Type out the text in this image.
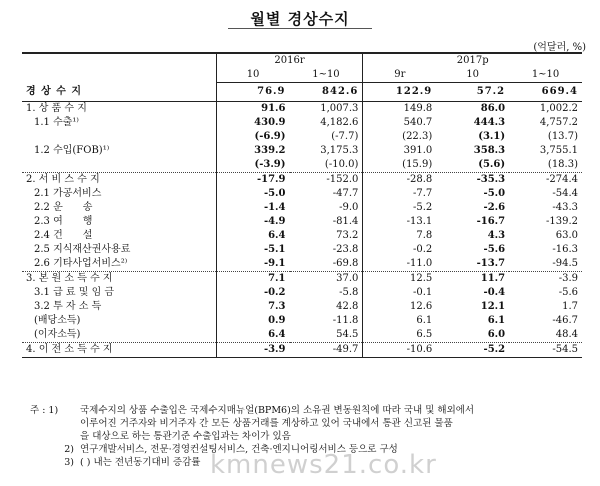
월별 경상수지
(억달러, %)
	2016r		2017p		
	10	1~10	9r	10	1~10
경 상 수 지	76.9	842.6	122.9	57.2	669.4
1. 상 품 수 지	91.6	1,007.3	149.8	86.0	1,002.2
1.1 수출¹⁾	430.9	4,182.6	540.7	444.3	4,757.2
	(-6.9)	(-7.7)	(22.3)	(3.1)	(13.7)
1.2 수입(FOB)¹⁾	339.2	3,175.3	391.0	358.3	3,755.1
	(-3.9)	(-10.0)	(15.9)	(5.6)	(18.3)
2. 서 비 스 수 지	-17.9	-152.0	-28.8	-35.3	-274.4
2.1 가공서비스	-5.0	-47.7	-7.7	-5.0	-54.4
2.2 운　　송	-1.4	-9.0	-5.2	-2.6	-43.3
2.3 여　　행	-4.9	-81.4	-13.1	-16.7	-139.2
2.4 건　　설	6.4	73.2	7.8	4.3	63.0
2.5 지식재산권사용료	-5.1	-23.8	-0.2	-5.6	-16.3
2.6 기타사업서비스²⁾	-9.1	-69.8	-11.0	-13.7	-94.5
3. 본 원 소 득 수 지	7.1	37.0	12.5	11.7	-3.9
3.1 급 료 및 임 금	-0.2	-5.8	-0.1	-0.4	-5.6
3.2 투 자 소 득	7.3	42.8	12.6	12.1	1.7
(배당소득)	0.9	-11.8	6.1	6.1	-46.7
(이자소득)	6.4	54.5	6.5	6.0	48.4
4. 이 전 소 득 수 지	-3.9	-49.7	-10.6	-5.2	-54.5
주 : 1)	국제수지의 상품 수출입은 국제수지매뉴얼(BPM6)의 소유권 변동원칙에 따라 국내 및 해외에서
이루어진 거주자와 비거주자 간 모든 상품거래를 계상하고 있어 국내에서 통관 신고된 물품
을 대상으로 하는 통관기준 수출입과는 차이가 있음
2) 연구개발서비스, 전문·경영컨설팅서비스, 건축·엔지니어링서비스 등으로 구성
3) ( ) 내는 전년동기대비 증감률 kmnews21.co.kr
